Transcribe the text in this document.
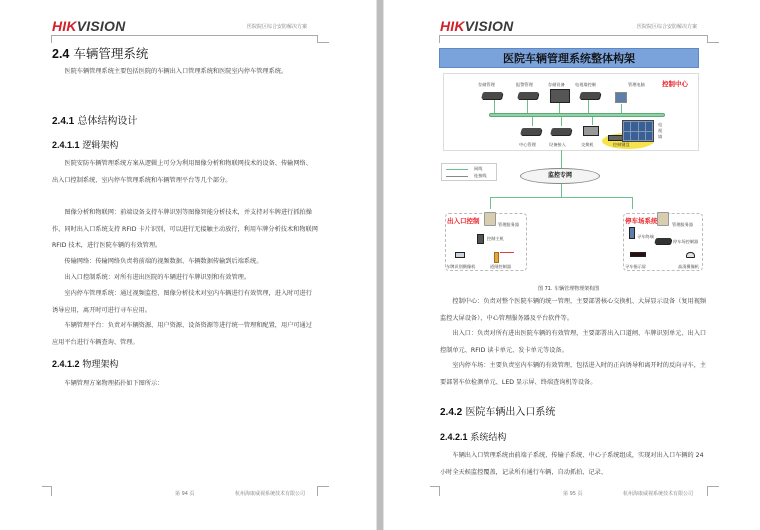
HIKVISION	医院院区综合安防解决方案
2.4 车辆管理系统
医院车辆管理系统主要包括医院的车辆出入口管理系统和医院室内停车管理系统。
2.4.1 总体结构设计
2.4.1.1 逻辑架构
医院安防车辆管理系统方案从逻辑上可分为利用图像分析和物联网技术的设备、传输网络、出入口控制系统、室内停车管理系统和车辆管理平台等几个部分。
图像分析和物联网：前端设备支持车牌识别等图像智能分析技术，并支持对车牌进行抓拍操作，同时出入口系统支持 RFID 卡片识别，可以进行无接触主动放行，利用车牌分析技术和物联网 RFID 技术，进行医院车辆的有效管理。
传输网络：传输网络负责将前端的视频数据、车辆数据传输到后端系统。
出入口控制系统：对所有进出医院的车辆进行车牌识别和有效管理。
室内停车管理系统：通过视频监控、图像分析技术对室内车辆进行有效管理，进入时可进行诱导应用，离开时可进行寻车应用。
车辆管理平台：负责对车辆资源、用户资源、设备资源等进行统一管理和配置，用户可通过应用平台进行车辆查询、管理。
2.4.1.2 物理架构
车辆管理方案物理拓扑如下图所示：
第 94 页	杭州海康威视系统技术有限公司
HIKVISION	医院院区综合安防解决方案
医院车辆管理系统整体构架
控制中心
存储管理	报警管理	存储设备 电视墙控制	管理电脑
电视墙
中心管理	设备接入	交换机	控制键盘
网线
连接线	监控专网
出入口控制	管理服务器
控制主机
车牌识别摄像机	道闸控制器
停车场系统	管理服务器
寻车终端
停车场控制器
寻车指示屏	高清摄像机
图 71. 车辆管理物理架构图
控制中心：负责对整个医院车辆的统一管理，主要部署核心交换机、大屏显示设备（复用视频监控大屏设备）、中心管理服务器及平台软件等。
出入口：负责对所有进出医院车辆的有效管理，主要部署出入口道闸、车牌识别单元、出入口控制单元、RFID 读卡单元、发卡单元等设备。
室内停车场：主要负责室内车辆的有效管理，包括进入时的正向诱导和离开时的反向寻车，主要部署车位检测单元、LED 显示屏、终端查询机等设备。
2.4.2 医院车辆出入口系统
2.4.2.1 系统结构
车辆出入口管理系统由前端子系统、传输子系统、中心子系统组成，实现对出入口车辆的 24 小时全天候监控覆盖，记录所有通行车辆，自动抓拍、记录、
第 95 页	杭州海康威视系统技术有限公司
